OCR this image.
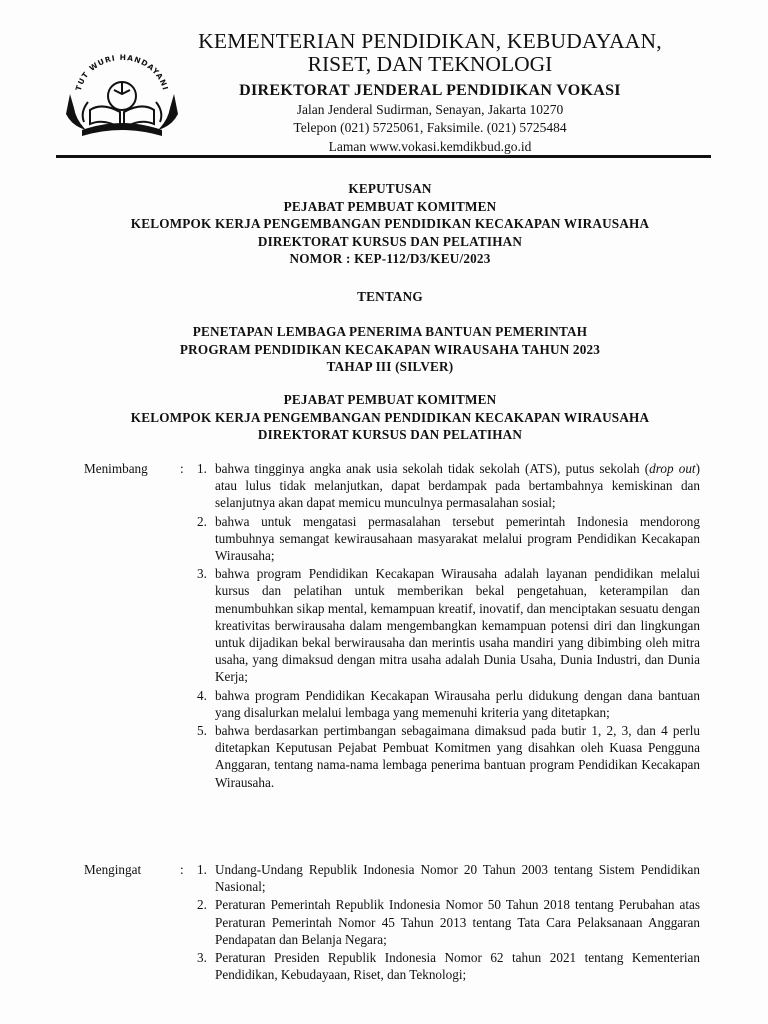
TUT WURI HANDAYANI
KEMENTERIAN PENDIDIKAN, KEBUDAYAAN,
RISET, DAN TEKNOLOGI
DIREKTORAT JENDERAL PENDIDIKAN VOKASI
Jalan Jenderal Sudirman, Senayan, Jakarta 10270
Telepon (021) 5725061, Faksimile. (021) 5725484
Laman www.vokasi.kemdikbud.go.id
KEPUTUSAN
PEJABAT PEMBUAT KOMITMEN
KELOMPOK KERJA PENGEMBANGAN PENDIDIKAN KECAKAPAN WIRAUSAHA
DIREKTORAT KURSUS DAN PELATIHAN
NOMOR : KEP-112/D3/KEU/2023
TENTANG
PENETAPAN LEMBAGA PENERIMA BANTUAN PEMERINTAH
PROGRAM PENDIDIKAN KECAKAPAN WIRAUSAHA TAHUN 2023
TAHAP III (SILVER)
PEJABAT PEMBUAT KOMITMEN
KELOMPOK KERJA PENGEMBANGAN PENDIDIKAN KECAKAPAN WIRAUSAHA
DIREKTORAT KURSUS DAN PELATIHAN
Menimbang : 1. bahwa tingginya angka anak usia sekolah tidak sekolah (ATS), putus sekolah (drop out) atau lulus tidak melanjutkan, dapat berdampak pada bertambahnya kemiskinan dan selanjutnya akan dapat memicu munculnya permasalahan sosial;
2. bahwa untuk mengatasi permasalahan tersebut pemerintah Indonesia mendorong tumbuhnya semangat kewirausahaan masyarakat melalui program Pendidikan Kecakapan Wirausaha;
3. bahwa program Pendidikan Kecakapan Wirausaha adalah layanan pendidikan melalui kursus dan pelatihan untuk memberikan bekal pengetahuan, keterampilan dan menumbuhkan sikap mental, kemampuan kreatif, inovatif, dan menciptakan sesuatu dengan kreativitas berwirausaha dalam mengembangkan kemampuan potensi diri dan lingkungan untuk dijadikan bekal berwirausaha dan merintis usaha mandiri yang dibimbing oleh mitra usaha, yang dimaksud dengan mitra usaha adalah Dunia Usaha, Dunia Industri, dan Dunia Kerja;
4. bahwa program Pendidikan Kecakapan Wirausaha perlu didukung dengan dana bantuan yang disalurkan melalui lembaga yang memenuhi kriteria yang ditetapkan;
5. bahwa berdasarkan pertimbangan sebagaimana dimaksud pada butir 1, 2, 3, dan 4 perlu ditetapkan Keputusan Pejabat Pembuat Komitmen yang disahkan oleh Kuasa Pengguna Anggaran, tentang nama-nama lembaga penerima bantuan program Pendidikan Kecakapan Wirausaha.
Mengingat	: 1. Undang-Undang Republik Indonesia Nomor 20 Tahun 2003 tentang Sistem Pendidikan Nasional;
2. Peraturan Pemerintah Republik Indonesia Nomor 50 Tahun 2018 tentang Perubahan atas Peraturan Pemerintah Nomor 45 Tahun 2013 tentang Tata Cara Pelaksanaan Anggaran Pendapatan dan Belanja Negara;
3. Peraturan Presiden Republik Indonesia Nomor 62 tahun 2021 tentang Kementerian Pendidikan, Kebudayaan, Riset, dan Teknologi;
